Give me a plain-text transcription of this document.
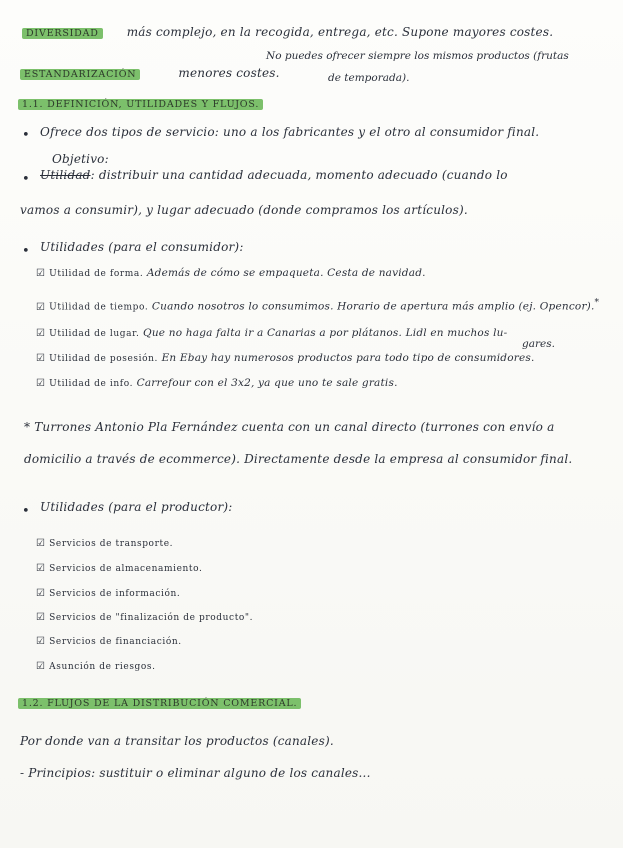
DIVERSIDAD más complejo, en la recogida, entrega, etc. Supone mayores costes.
ESTANDARIZACIÓN	menores costes.
No puedes ofrecer siempre los mismos productos (frutas
de temporada).
1.1. DEFINICIÓN, UTILIDADES Y FLUJOS.
• Ofrece dos tipos de servicio: uno a los fabricantes y el otro al consumidor final.
Objetivo:
• Utilidad: distribuir una cantidad adecuada, momento adecuado (cuando lo
vamos a consumir), y lugar adecuado (donde compramos los artículos).
• Utilidades (para el consumidor):
☑ Utilidad de forma. Además de cómo se empaqueta. Cesta de navidad.
☑ Utilidad de tiempo. Cuando nosotros lo consumimos. Horario de apertura más amplio (ej. Opencor).*
☑ Utilidad de lugar. Que no haga falta ir a Canarias a por plátanos. Lidl en muchos lu-
gares.
☑ Utilidad de posesión. En Ebay hay numerosos productos para todo tipo de consumidores.
☑ Utilidad de info. Carrefour con el 3x2, ya que uno te sale gratis.
* Turrones Antonio Pla Fernández cuenta con un canal directo (turrones con envío a
domicilio a través de ecommerce). Directamente desde la empresa al consumidor final.
• Utilidades (para el productor):
☑ Servicios de transporte.
☑ Servicios de almacenamiento.
☑ Servicios de información.
☑ Servicios de "finalización de producto".
☑ Servicios de financiación.
☑ Asunción de riesgos.
1.2. FLUJOS DE LA DISTRIBUCIÓN COMERCIAL.
Por donde van a transitar los productos (canales).
- Principios: sustituir o eliminar alguno de los canales...
